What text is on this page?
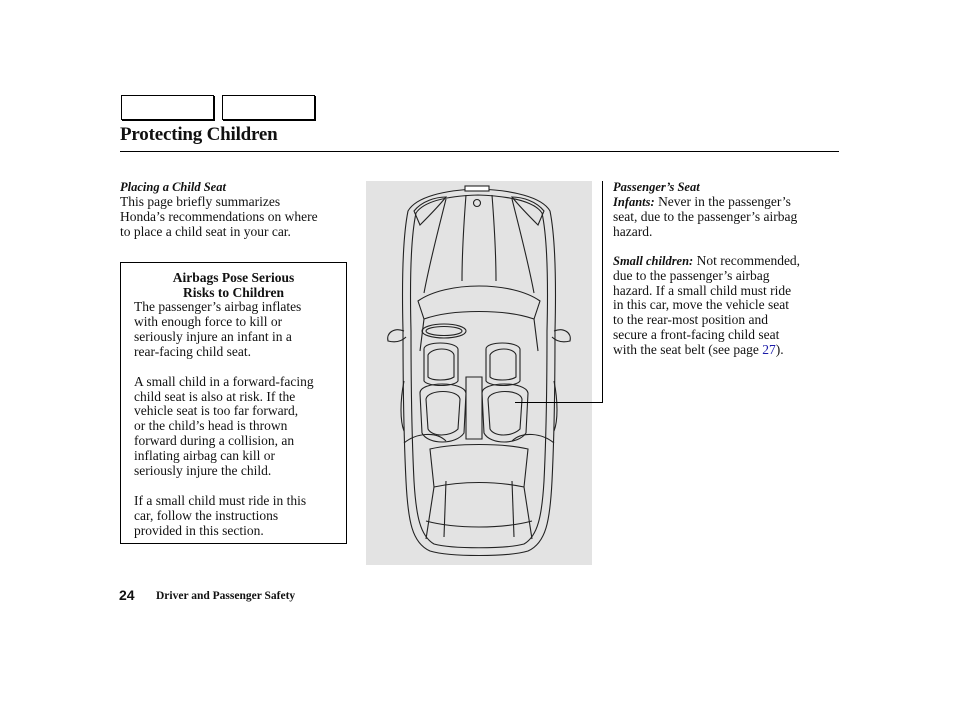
Protecting Children
Placing a Child Seat
This page briefly summarizes
Honda’s recommendations on where
to place a child seat in your car.
Airbags Pose Serious
Risks to Children
The passenger’s airbag inflates
with enough force to kill or
seriously injure an infant in a
rear-facing child seat.
A small child in a forward-facing
child seat is also at risk. If the
vehicle seat is too far forward,
or the child’s head is thrown
forward during a collision, an
inflating airbag can kill or
seriously injure the child.
If a small child must ride in this
car, follow the instructions
provided in this section.
Passenger’s Seat
Infants: Never in the passenger’s
seat, due to the passenger’s airbag
hazard.
Small children: Not recommended,
due to the passenger’s airbag
hazard. If a small child must ride
in this car, move the vehicle seat
to the rear-most position and
secure a front-facing child seat
with the seat belt (see page 27).
24 Driver and Passenger Safety
